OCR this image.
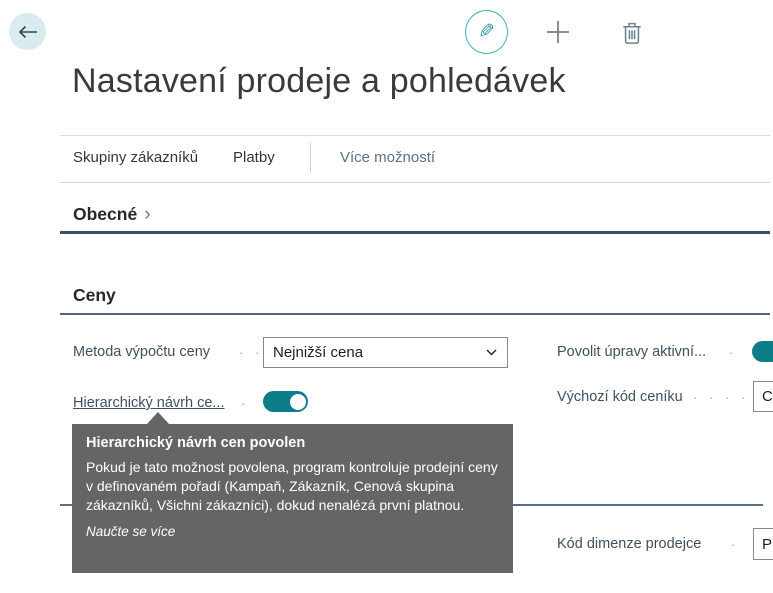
✎
Nastavení prodeje a pohledávek
Skupiny zákazníků Platby	Více možností
Obecné ›
Ceny
Metoda výpočtu ceny · · Nejnižší cena	Povolit úpravy aktivní... ·
Hierarchický návrh ce... ·	Výchozí kód ceníku · · · · C
Kód dimenze prodejce · P
Hierarchický návrh cen povolen
Pokud je tato možnost povolena, program kontroluje prodejní ceny v definovaném pořadí (Kampaň, Zákazník, Cenová skupina zákazníků, Všichni zákazníci), dokud nenalézá první platnou.
Naučte se více
